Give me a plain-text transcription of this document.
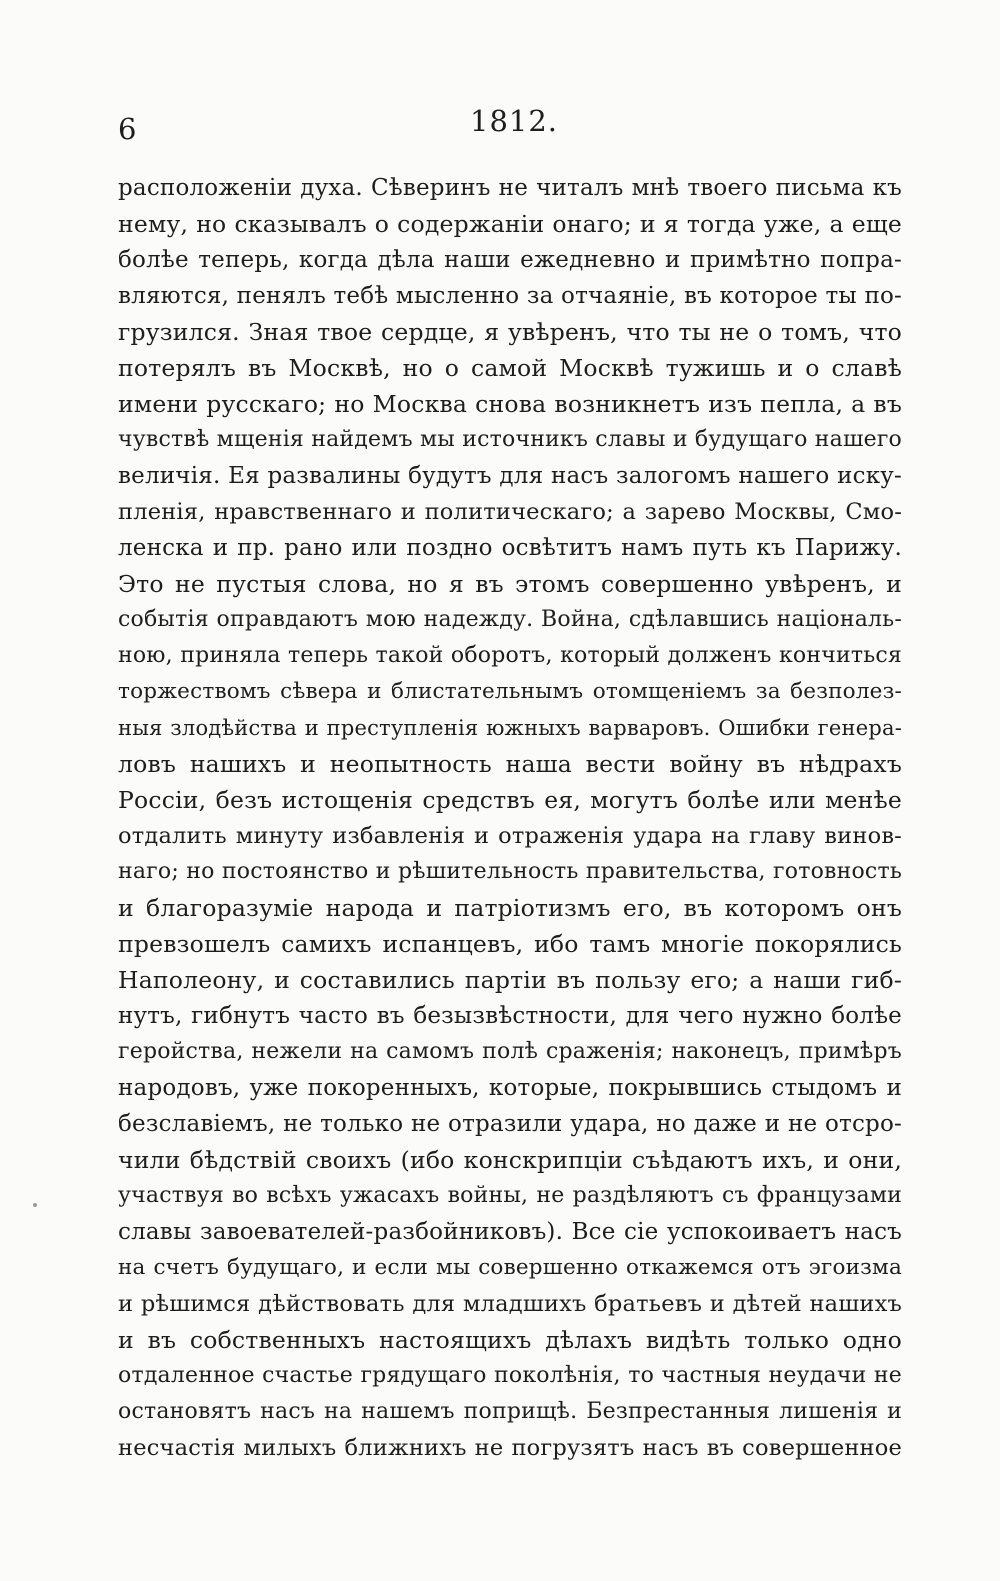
6	1812.
расположенiи духа. Сѣверинъ не читалъ мнѣ твоего письма къ
нему, но сказывалъ о содержанiи онаго; и я тогда уже, а еще
болѣе теперь, когда дѣла наши ежедневно и примѣтно попра-
вляются, пенялъ тебѣ мысленно за отчаянiе, въ которое ты по-
грузился. Зная твое сердце, я увѣренъ, что ты не о томъ, что
потерялъ въ Москвѣ, но о самой Москвѣ тужишь и о славѣ
имени русскаго; но Москва снова возникнетъ изъ пепла, а въ
чувствѣ мщенiя найдемъ мы источникъ славы и будущаго нашего
величiя. Ея развалины будутъ для насъ залогомъ нашего иску-
пленiя, нравственнаго и политическаго; а зарево Москвы, Смо-
ленска и пр. рано или поздно освѣтитъ намъ путь къ Парижу.
Это не пустыя слова, но я въ этомъ совершенно увѣренъ, и
событiя оправдаютъ мою надежду. Война, сдѣлавшись нацiональ-
ною, приняла теперь такой оборотъ, который долженъ кончиться
торжествомъ сѣвера и блистательнымъ отомщенiемъ за безполез-
ныя злодѣйства и преступленiя южныхъ варваровъ. Ошибки генера-
ловъ нашихъ и неопытность наша вести войну въ нѣдрахъ
Россiи, безъ истощенiя средствъ ея, могутъ болѣе или менѣе
отдалить минуту избавленiя и отраженiя удара на главу винов-
наго; но постоянство и рѣшительность правительства, готовность
и благоразумiе народа и патрiотизмъ его, въ которомъ онъ
превзошелъ самихъ испанцевъ, ибо тамъ многiе покорялись
Наполеону, и составились партiи въ пользу его; а наши гиб-
нутъ, гибнутъ часто въ безызвѣстности, для чего нужно болѣе
геройства, нежели на самомъ полѣ сраженiя; наконецъ, примѣръ
народовъ, уже покоренныхъ, которые, покрывшись стыдомъ и
безславiемъ, не только не отразили удара, но даже и не отсро-
чили бѣдствiй своихъ (ибо конскрипцiи съѣдаютъ ихъ, и они,
участвуя во всѣхъ ужасахъ войны, не раздѣляютъ съ французами
славы завоевателей-разбойниковъ). Все сiе успокоиваетъ насъ
на счетъ будущаго, и если мы совершенно откажемся отъ эгоизма
и рѣшимся дѣйствовать для младшихъ братьевъ и дѣтей нашихъ
и въ собственныхъ настоящихъ дѣлахъ видѣть только одно
отдаленное счастье грядущаго поколѣнiя, то частныя неудачи не
остановятъ насъ на нашемъ поприщѣ. Безпрестанныя лишенiя и
несчастiя милыхъ ближнихъ не погрузятъ насъ въ совершенное
